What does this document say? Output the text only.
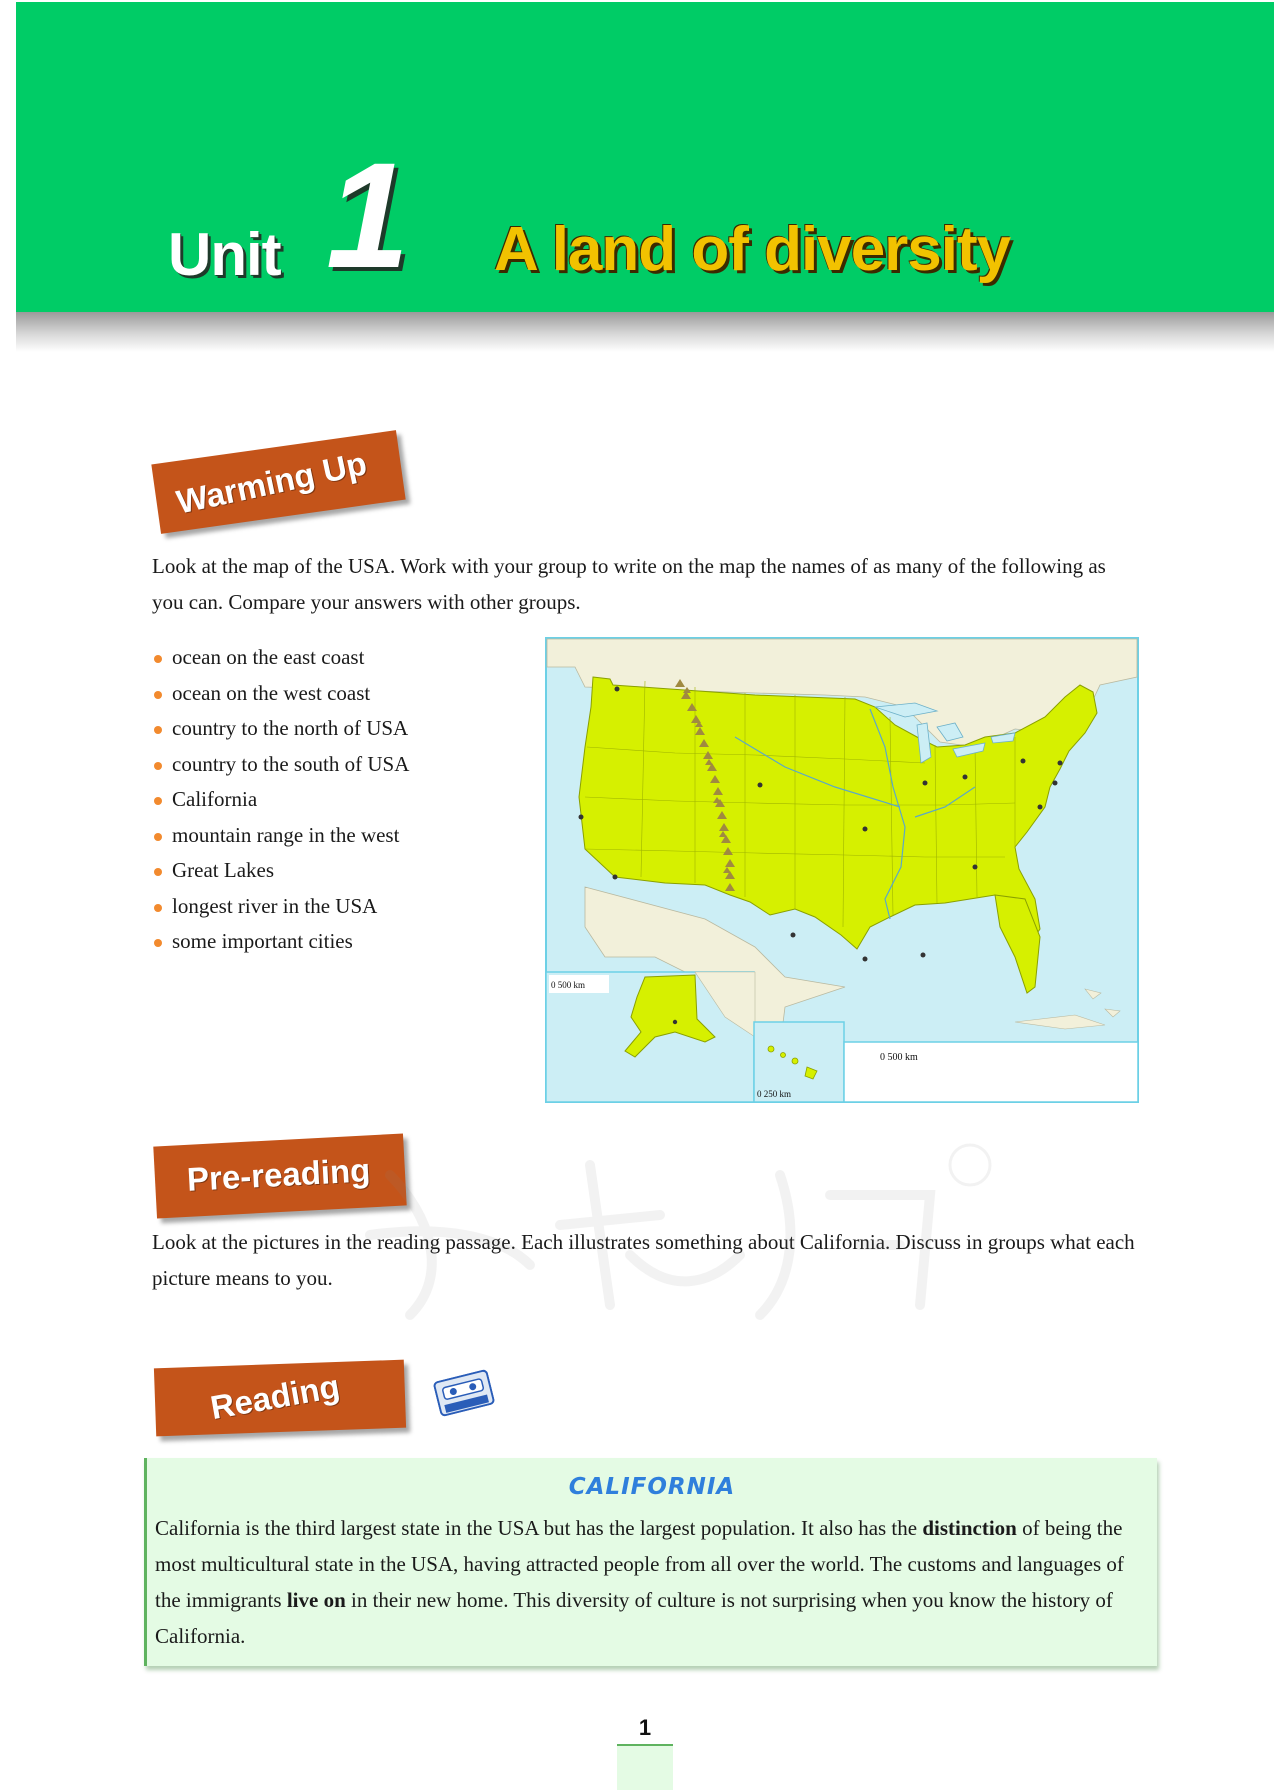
Unit 1 A land of diversity
Warming Up
Look at the map of the USA. Work with your group to write on the map the names of as many of the following as you can. Compare your answers with other groups.
ocean on the east coast
ocean on the west coast
country to the north of USA
country to the south of USA
California
mountain range in the west
Great Lakes
longest river in the USA
some important cities
0 500 km
0 250 km
0 500 km
Pre-reading
Look at the pictures in the reading passage. Each illustrates something about California. Discuss in groups what each picture means to you.
Reading
CALIFORNIA
California is the third largest state in the USA but has the largest population. It also has the distinction of being the most multicultural state in the USA, having attracted people from all over the world. The customs and languages of the immigrants live on in their new home. This diversity of culture is not surprising when you know the history of California.
1
